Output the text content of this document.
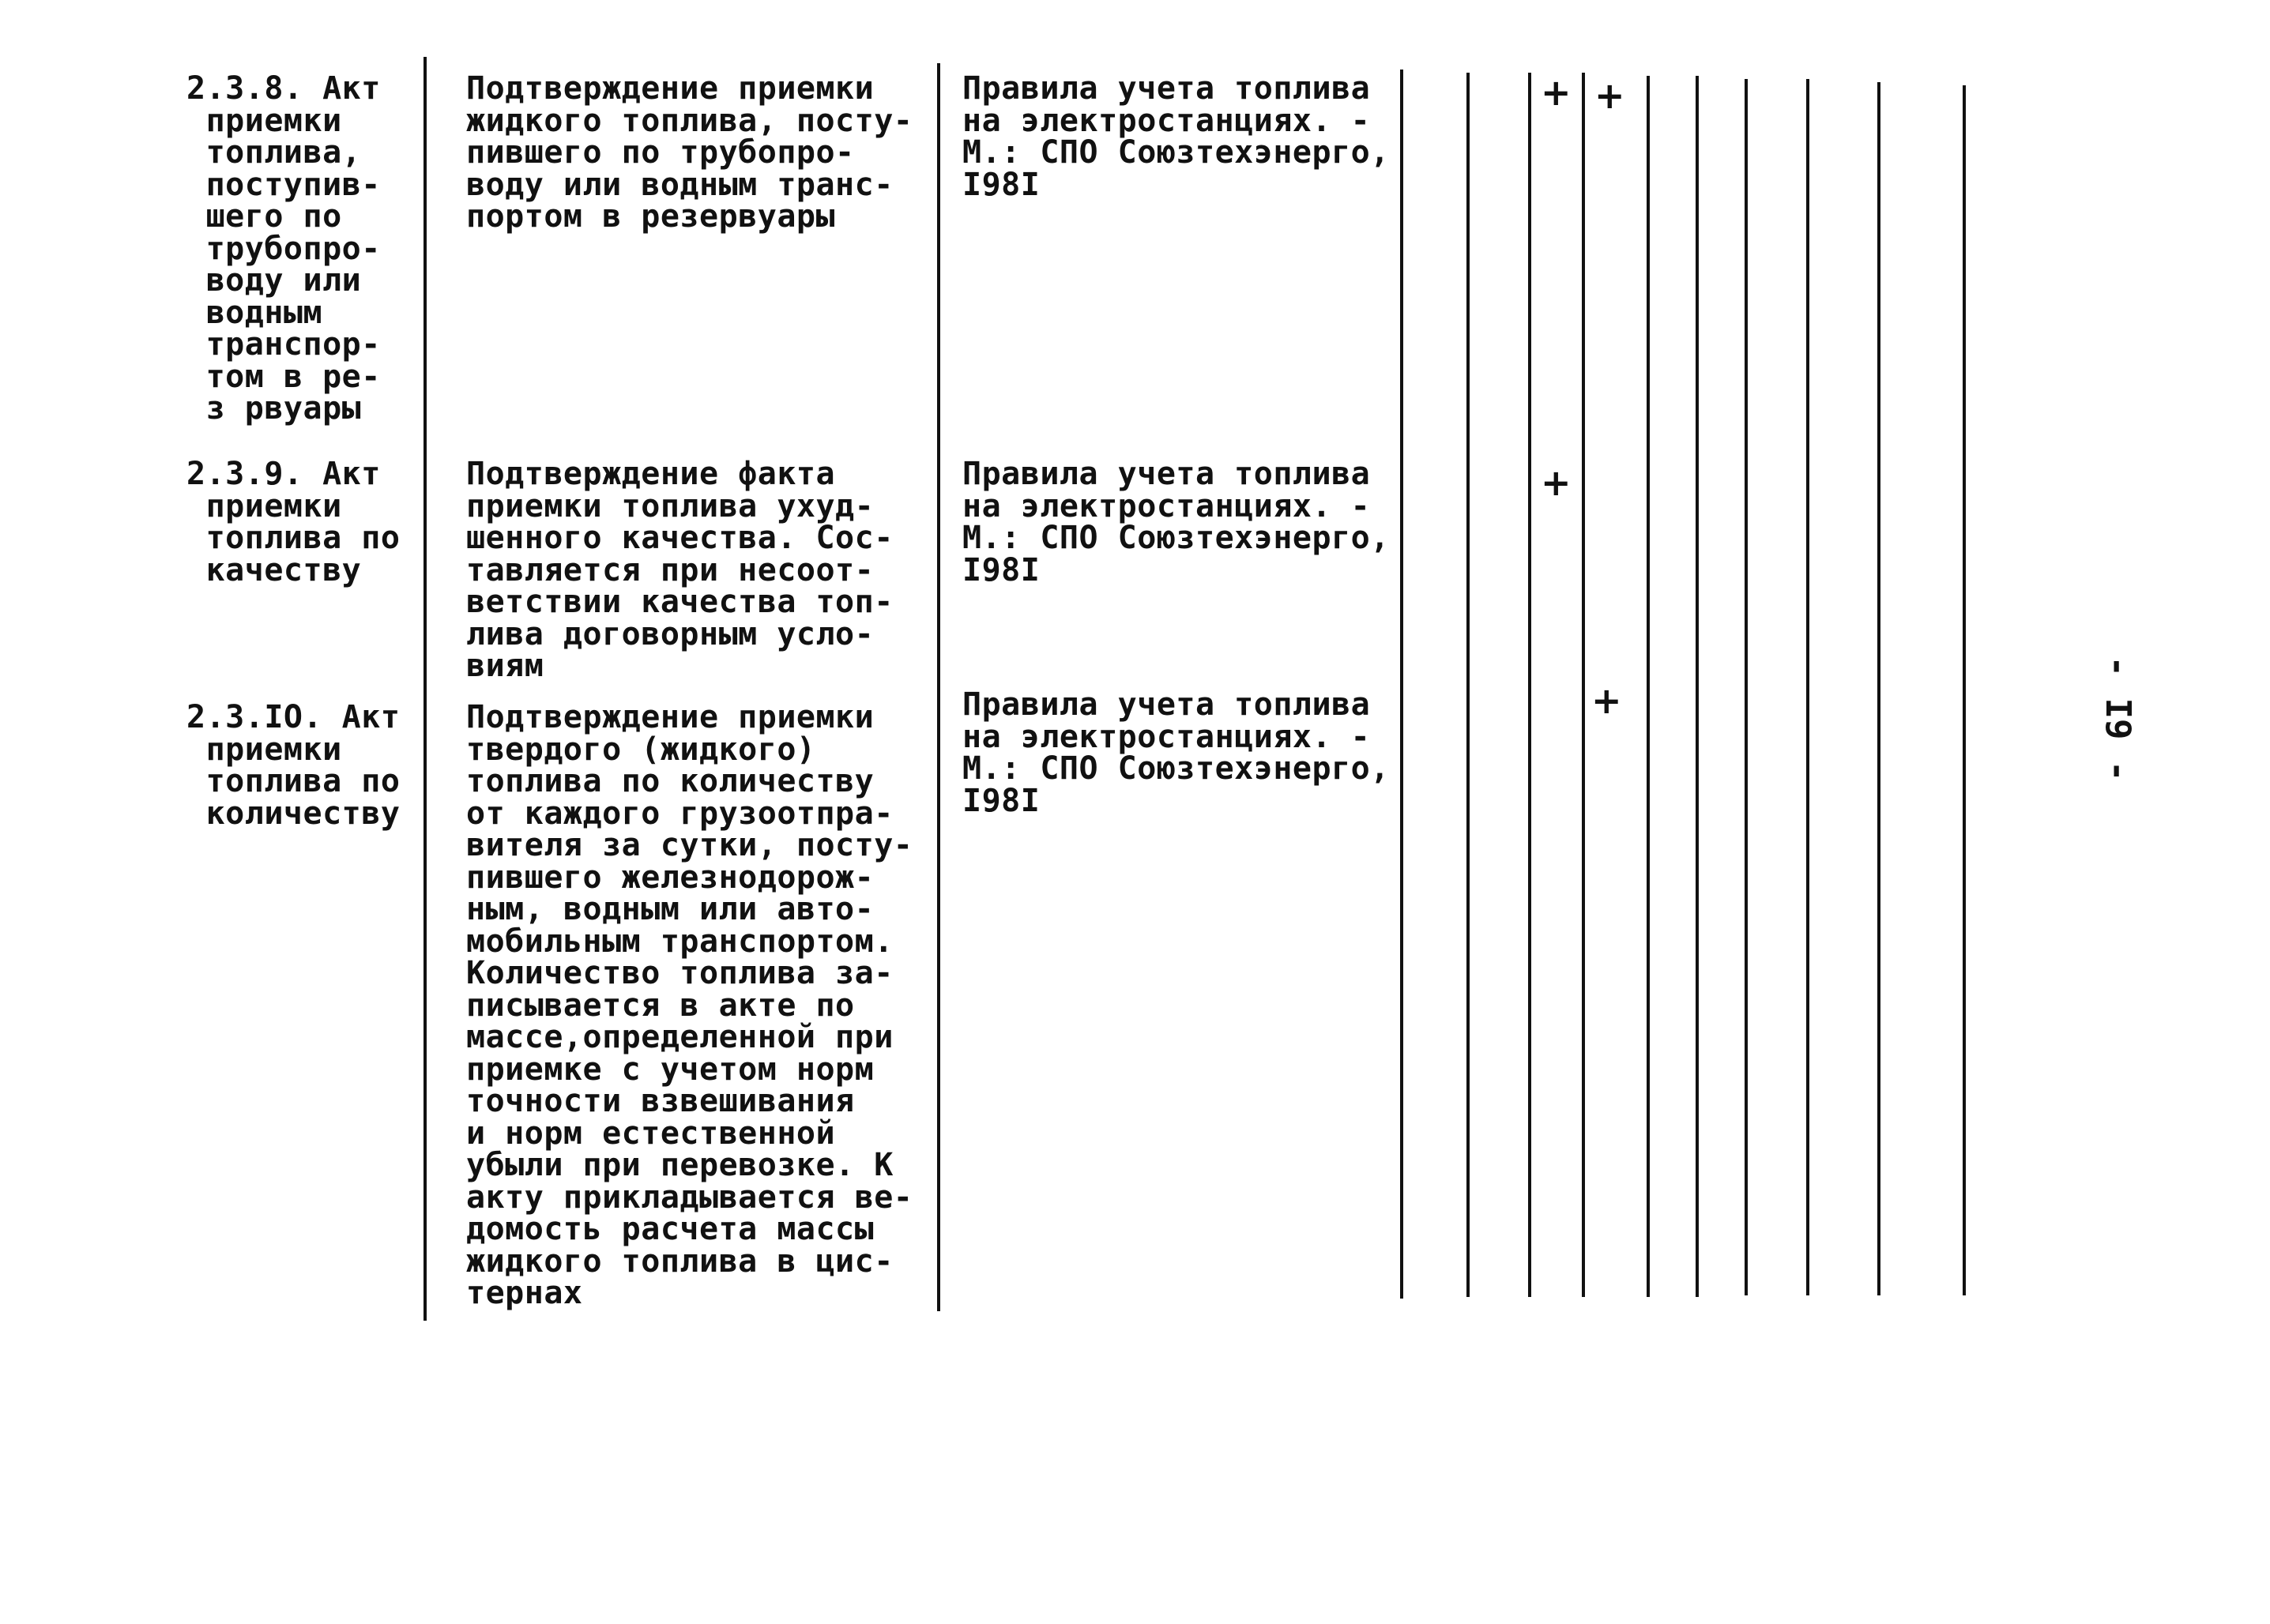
2.3.8. Акт
приемки
топлива,
поступив-
шего по
трубопро-
воду или
водным
транспор-
том в ре-
з рвуары
2.3.9. Акт
приемки
топлива по
качеству
2.3.IO. Акт
приемки
топлива по
количеству
Подтверждение приемки
жидкого топлива, посту-
пившего по трубопро-
воду или водным транс-
портом в резервуары
Подтверждение факта
приемки топлива ухуд-
шенного качества. Сос-
тавляется при несоот-
ветствии качества топ-
лива договорным усло-
виям
Подтверждение приемки
твердого (жидкого)
топлива по количеству
от каждого грузоотпра-
вителя за сутки, посту-
пившего железнодорож-
ным, водным или авто-
мобильным транспортом.
Количество топлива за-
писывается в акте по
массе,определенной при
приемке с учетом норм
точности взвешивания
и норм естественной
убыли при перевозке. К
акту прикладывается ве-
домость расчета массы
жидкого топлива в цис-
тернах
Правила учета топлива
на электростанциях. -
М.: СПО Союзтехэнерго,
I98I
Правила учета топлива
на электростанциях. -
М.: СПО Союзтехэнерго,
I98I
Правила учета топлива
на электростанциях. -
М.: СПО Союзтехэнерго,
I98I
+ +
+
+	- I9 -
